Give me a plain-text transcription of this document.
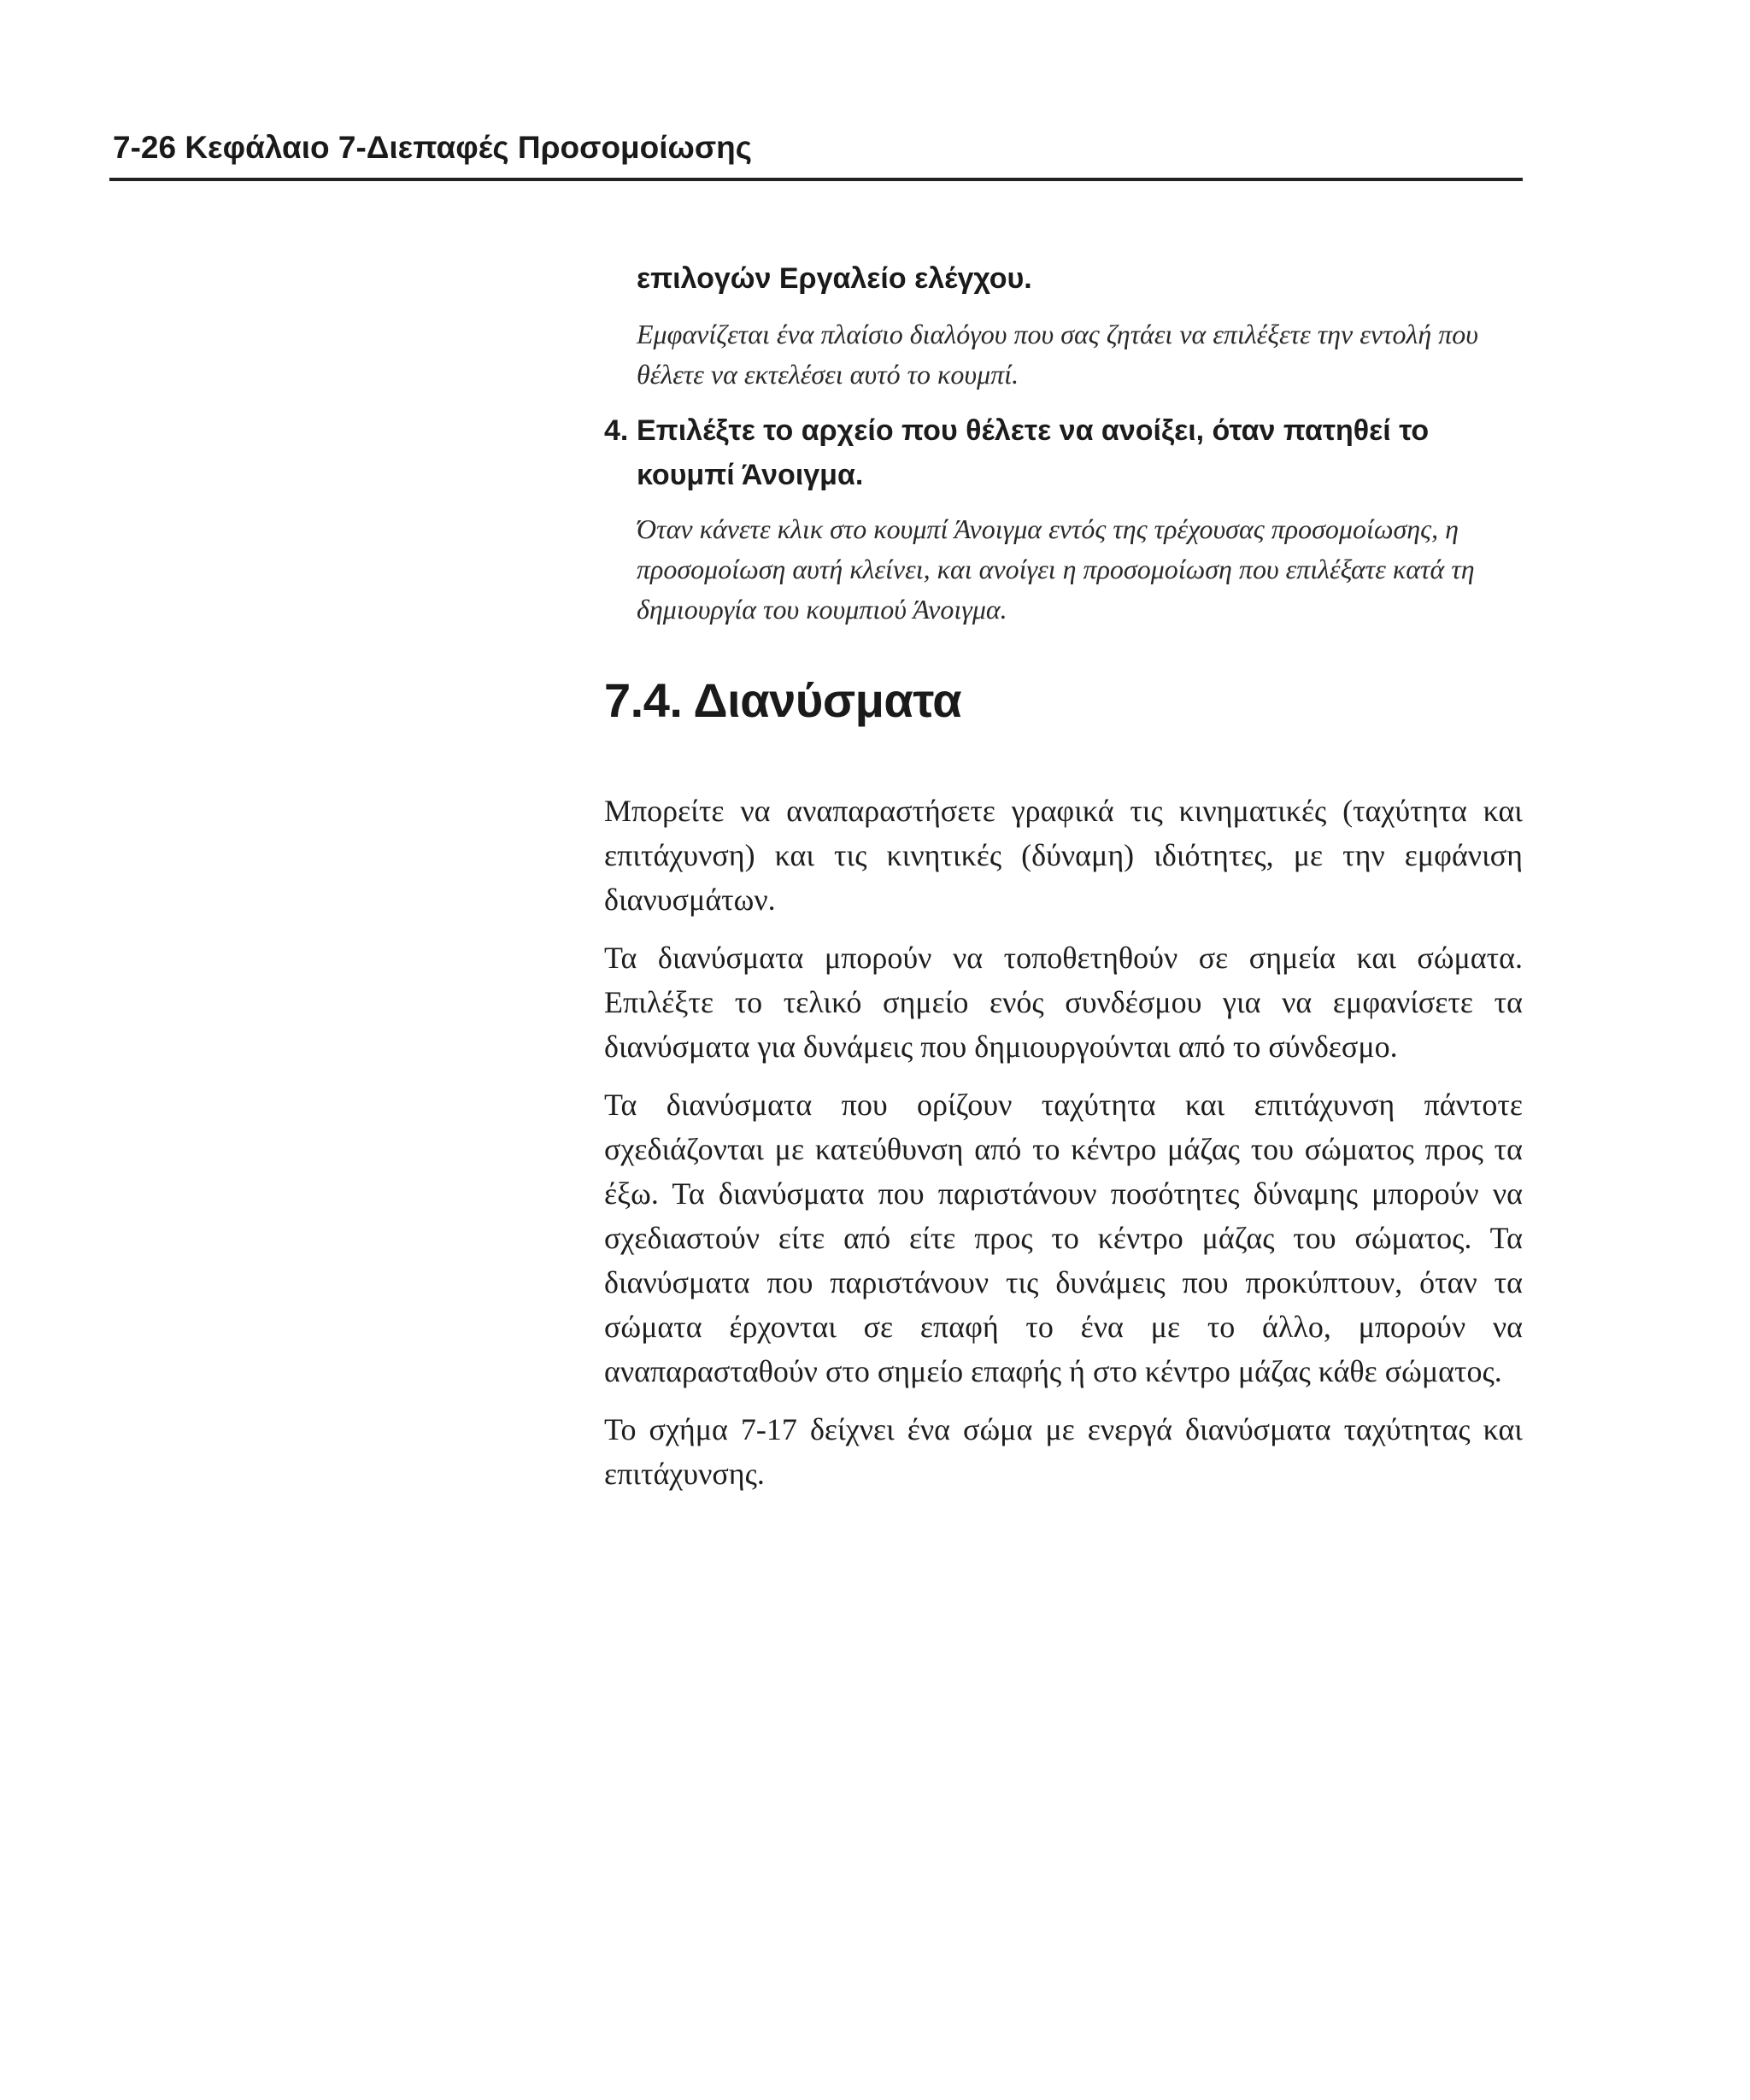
7-26 Κεφάλαιο 7-Διεπαφές Προσομοίωσης

επιλογών Εργαλείο ελέγχου.

Εμφανίζεται ένα πλαίσιο διαλόγου που σας ζητάει να επιλέξετε την εντολή που θέλετε να εκτελέσει αυτό το κουμπί.

4. Επιλέξτε το αρχείο που θέλετε να ανοίξει, όταν πατηθεί το κουμπί Άνοιγμα.

Όταν κάνετε κλικ στο κουμπί Άνοιγμα εντός της τρέχουσας προσομοίωσης, η προσομοίωση αυτή κλείνει, και ανοίγει η προσομοίωση που επιλέξατε κατά τη δημιουργία του κουμπιού Άνοιγμα.

7.4. Διανύσματα

Μπορείτε να αναπαραστήσετε γραφικά τις κινηματικές (ταχύτητα και επιτάχυνση) και τις κινητικές (δύναμη) ιδιότητες, με την εμφάνιση διανυσμάτων.

Τα διανύσματα μπορούν να τοποθετηθούν σε σημεία και σώματα. Επιλέξτε το τελικό σημείο ενός συνδέσμου για να εμφανίσετε τα διανύσματα για δυνάμεις που δημιουργούνται από το σύνδεσμο.

Τα διανύσματα που ορίζουν ταχύτητα και επιτάχυνση πάντοτε σχεδιάζονται με κατεύθυνση από το κέντρο μάζας του σώματος προς τα έξω. Τα διανύσματα που παριστάνουν ποσότητες δύναμης μπορούν να σχεδιαστούν είτε από είτε προς το κέντρο μάζας του σώματος. Τα διανύσματα που παριστάνουν τις δυνάμεις που προκύπτουν, όταν τα σώματα έρχονται σε επαφή το ένα με το άλλο, μπορούν να αναπαρασταθούν στο σημείο επαφής ή στο κέντρο μάζας κάθε σώματος.

Το σχήμα 7-17 δείχνει ένα σώμα με ενεργά διανύσματα ταχύτητας και επιτάχυνσης.
